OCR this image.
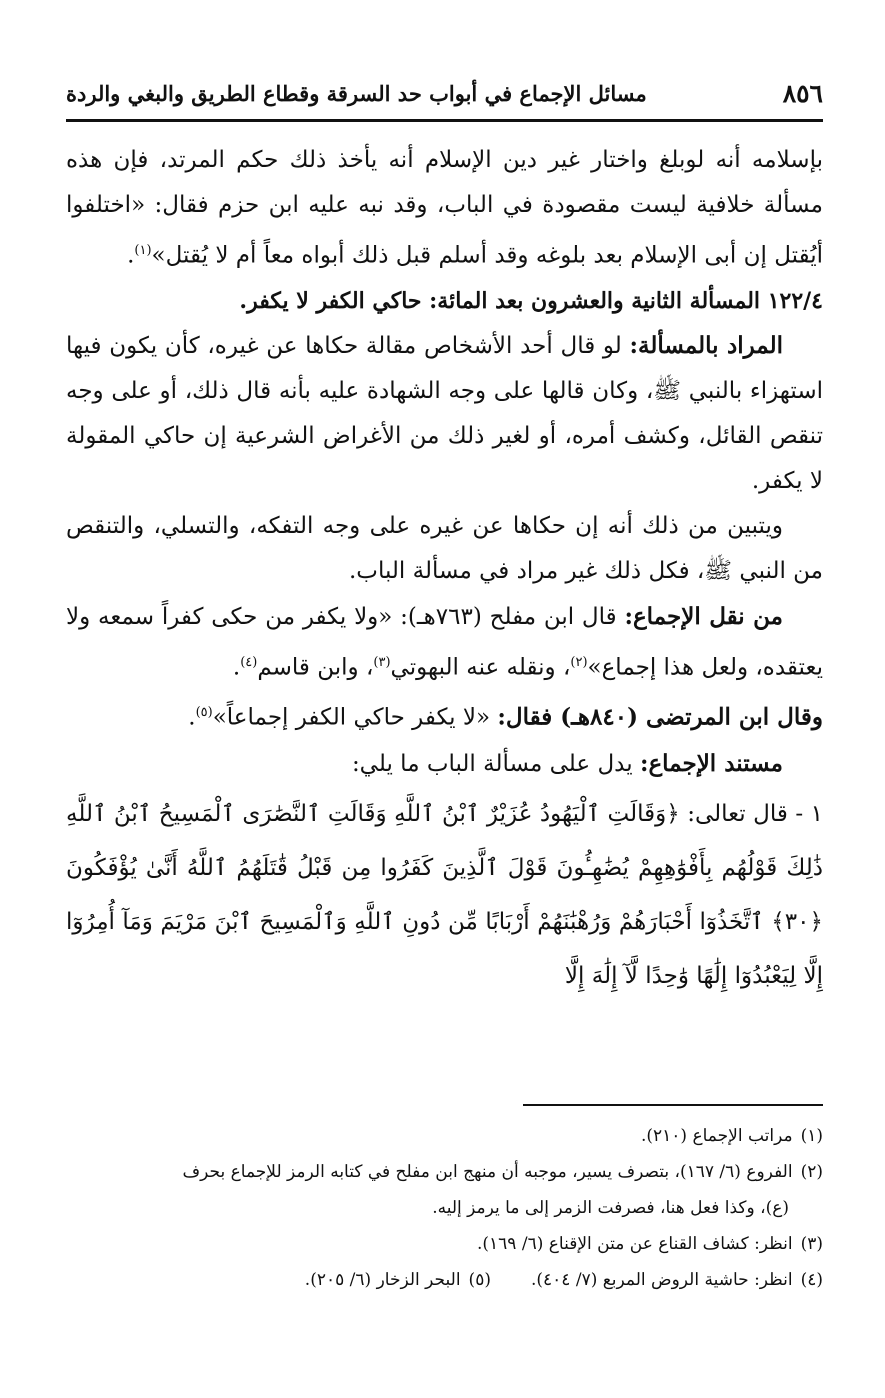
٨٥٦
مسائل الإجماع في أبواب حد السرقة وقطاع الطريق والبغي والردة

بإسلامه أنه لوبلغ واختار غير دين الإسلام أنه يأخذ ذلك حكم المرتد، فإن هذه مسألة خلافية ليست مقصودة في الباب، وقد نبه عليه ابن حزم فقال: «اختلفوا أيُقتل إن أبى الإسلام بعد بلوغه وقد أسلم قبل ذلك أبواه معاً أم لا يُقتل»$^{(١)}$.

١٢٢/٤ المسألة الثانية والعشرون بعد المائة: حاكي الكفر لا يكفر.

المراد بالمسألة: لو قال أحد الأشخاص مقالة حكاها عن غيره، كأن يكون فيها استهزاء بالنبي ﷺ، وكان قالها على وجه الشهادة عليه بأنه قال ذلك، أو على وجه تنقص القائل، وكشف أمره، أو لغير ذلك من الأغراض الشرعية إن حاكي المقولة لا يكفر.

ويتبين من ذلك أنه إن حكاها عن غيره على وجه التفكه، والتسلي، والتنقص من النبي ﷺ، فكل ذلك غير مراد في مسألة الباب.

من نقل الإجماع: قال ابن مفلح (٧٦٣هـ): «ولا يكفر من حكى كفراً سمعه ولا يعتقده، ولعل هذا إجماع»$^{(٢)}$، ونقله عنه البهوتي$^{(٣)}$، وابن قاسم$^{(٤)}$.

وقال ابن المرتضى (٨٤٠هـ) فقال: «لا يكفر حاكي الكفر إجماعاً»$^{(٥)}$.

مستند الإجماع: يدل على مسألة الباب ما يلي:

١ - قال تعالى: ﴿وَقَالَتِ ٱلْيَهُودُ عُزَيْرٌ ٱبْنُ ٱللَّهِ وَقَالَتِ ٱلنَّصَٰرَى ٱلْمَسِيحُ ٱبْنُ ٱللَّهِ ذَٰلِكَ قَوْلُهُم بِأَفْوَٰهِهِمْ يُضَٰهِـُٔونَ قَوْلَ ٱلَّذِينَ كَفَرُوا مِن قَبْلُ قَٰتَلَهُمُ ٱللَّهُ أَنَّىٰ يُؤْفَكُونَ ﴿٣٠﴾ ٱتَّخَذُوٓا أَحْبَارَهُمْ وَرُهْبَٰنَهُمْ أَرْبَابًا مِّن دُونِ ٱللَّهِ وَٱلْمَسِيحَ ٱبْنَ مَرْيَمَ وَمَآ أُمِرُوٓا إِلَّا لِيَعْبُدُوٓا إِلَٰهًا وَٰحِدًا لَّآ إِلَٰهَ إِلَّا

(١)مراتب الإجماع (٢١٠).

(٢)الفروع (٦/ ١٦٧)، بتصرف يسير، موجبه أن منهج ابن مفلح في كتابه الرمز للإجماع بحرف

(ع)، وكذا فعل هنا، فصرفت الزمر إلى ما يرمز إليه.

(٣)انظر: كشاف القناع عن متن الإقناع (٦/ ١٦٩).

(٤)انظر: حاشية الروض المربع (٧/ ٤٠٤).(٥)البحر الزخار (٦/ ٢٠٥).
